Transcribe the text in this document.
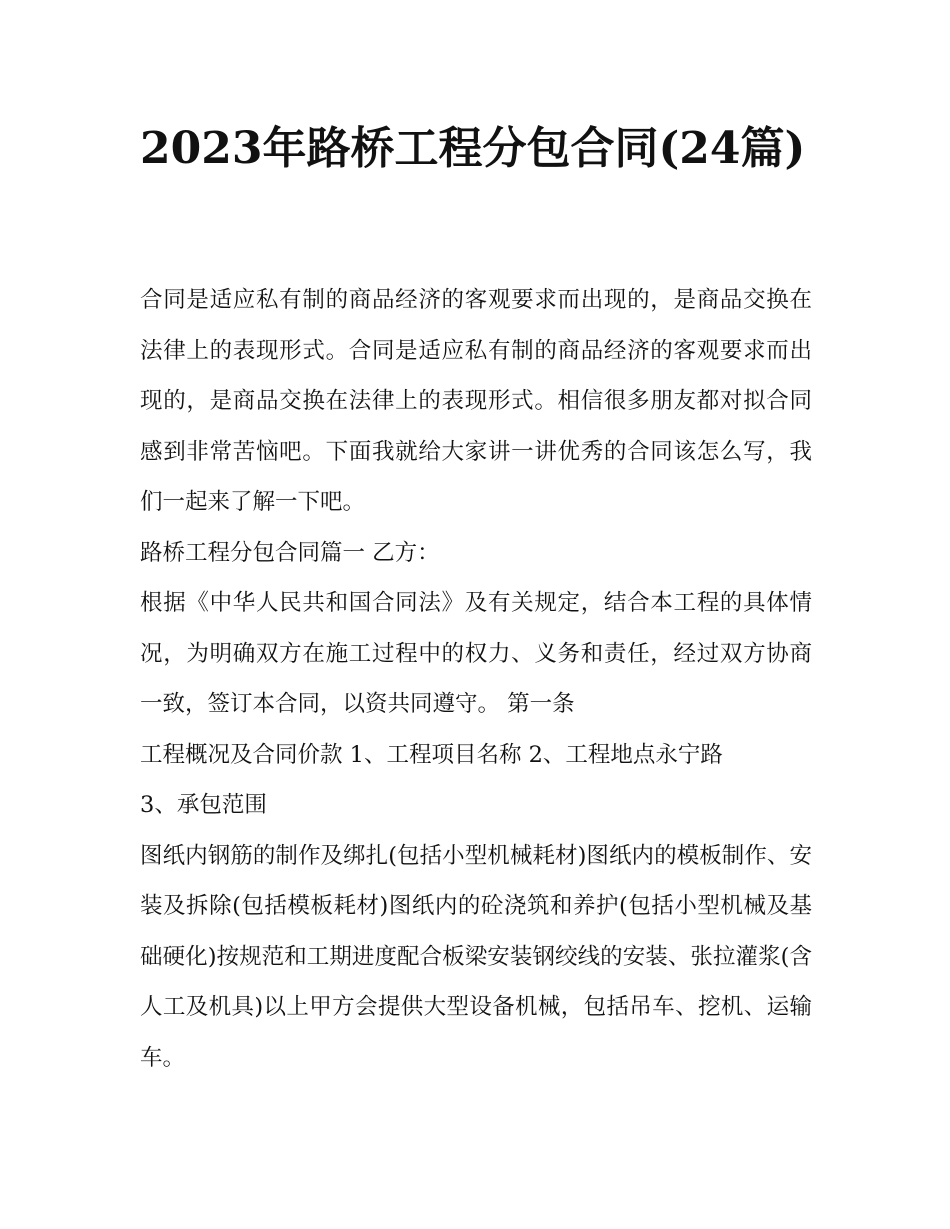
2023年路桥工程分包合同(24篇)

合同是适应私有制的商品经济的客观要求而出现的，是商品交换在法律上的表现形式。合同是适应私有制的商品经济的客观要求而出现的，是商品交换在法律上的表现形式。相信很多朋友都对拟合同感到非常苦恼吧。下面我就给大家讲一讲优秀的合同该怎么写，我们一起来了解一下吧。

路桥工程分包合同篇一 乙方：

根据《中华人民共和国合同法》及有关规定，结合本工程的具体情况，为明确双方在施工过程中的权力、义务和责任，经过双方协商一致，签订本合同，以资共同遵守。 第一条

工程概况及合同价款 1、工程项目名称 2、工程地点永宁路

3、承包范围

图纸内钢筋的制作及绑扎(包括小型机械耗材)图纸内的模板制作、安装及拆除(包括模板耗材)图纸内的砼浇筑和养护(包括小型机械及基础硬化)按规范和工期进度配合板梁安装钢绞线的安装、张拉灌浆(含人工及机具)以上甲方会提供大型设备机械，包括吊车、挖机、运输车。
